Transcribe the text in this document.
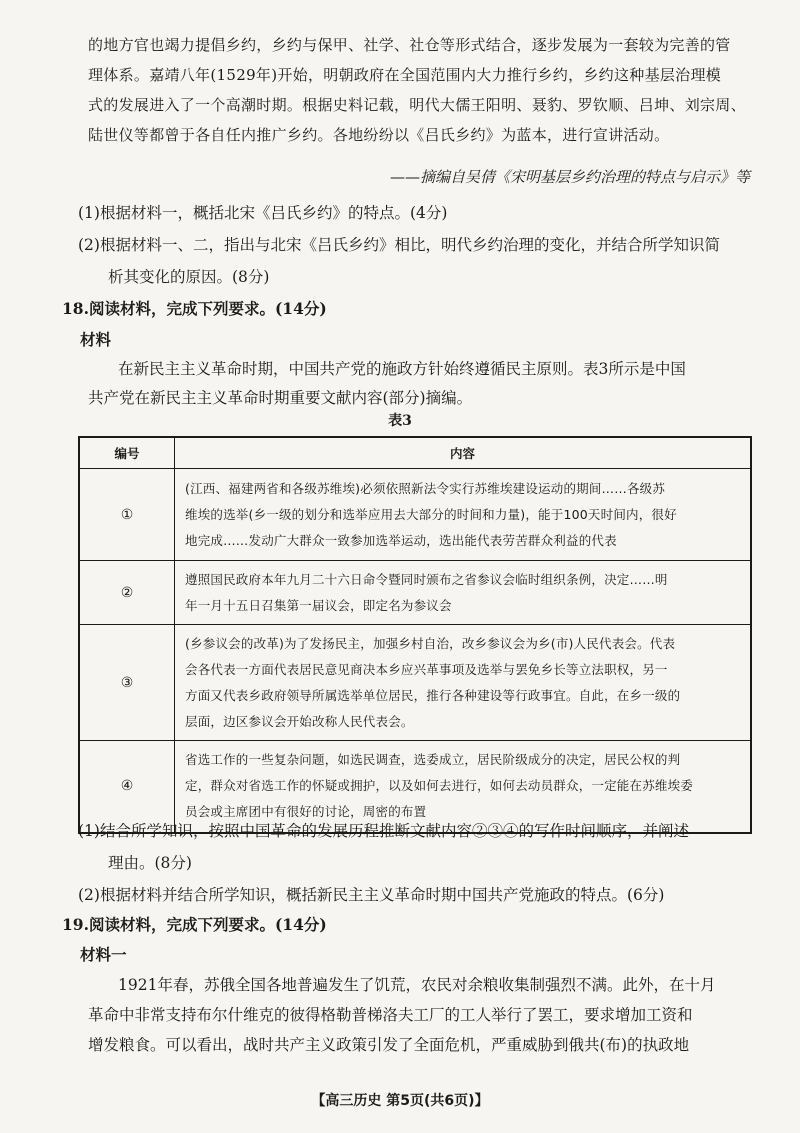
的地方官也竭力提倡乡约，乡约与保甲、社学、社仓等形式结合，逐步发展为一套较为完善的管
理体系。嘉靖八年(1529年)开始，明朝政府在全国范围内大力推行乡约，乡约这种基层治理模
式的发展进入了一个高潮时期。根据史料记载，明代大儒王阳明、聂豹、罗钦顺、吕坤、刘宗周、
陆世仪等都曾于各自任内推广乡约。各地纷纷以《吕氏乡约》为蓝本，进行宣讲活动。
——摘编自吴倩《宋明基层乡约治理的特点与启示》等
(1)根据材料一，概括北宋《吕氏乡约》的特点。(4分)
(2)根据材料一、二，指出与北宋《吕氏乡约》相比，明代乡约治理的变化，并结合所学知识简
析其变化的原因。(8分)
18.阅读材料，完成下列要求。(14分)
材料
在新民主主义革命时期，中国共产党的施政方针始终遵循民主原则。表3所示是中国
共产党在新民主主义革命时期重要文献内容(部分)摘编。
表3
编号	内容
①	(江西、福建两省和各级苏维埃)必须依照新法令实行苏维埃建设运动的期间……各级苏
维埃的选举(乡一级的划分和选举应用去大部分的时间和力量)，能于100天时间内，很好
地完成……发动广大群众一致参加选举运动，选出能代表劳苦群众利益的代表

②	遵照国民政府本年九月二十六日命令暨同时颁布之省参议会临时组织条例，决定……明
年一月十五日召集第一届议会，即定名为参议会

③	(乡参议会的改革)为了发扬民主，加强乡村自治，改乡参议会为乡(市)人民代表会。代表
会各代表一方面代表居民意见商决本乡应兴革事项及选举与罢免乡长等立法职权，另一
方面又代表乡政府领导所属选举单位居民，推行各种建设等行政事宜。自此，在乡一级的
层面，边区参议会开始改称人民代表会。

④	省选工作的一些复杂问题，如选民调查，选委成立，居民阶级成分的决定，居民公权的判
定，群众对省选工作的怀疑或拥护，以及如何去进行，如何去动员群众，一定能在苏维埃委
员会或主席团中有很好的讨论，周密的布置
(1)结合所学知识，按照中国革命的发展历程推断文献内容②③④的写作时间顺序，并阐述
理由。(8分)
(2)根据材料并结合所学知识，概括新民主主义革命时期中国共产党施政的特点。(6分)
19.阅读材料，完成下列要求。(14分)
材料一
1921年春，苏俄全国各地普遍发生了饥荒，农民对余粮收集制强烈不满。此外，在十月
革命中非常支持布尔什维克的彼得格勒普梯洛夫工厂的工人举行了罢工，要求增加工资和
增发粮食。可以看出，战时共产主义政策引发了全面危机，严重威胁到俄共(布)的执政地
【高三历史 第5页(共6页)】
